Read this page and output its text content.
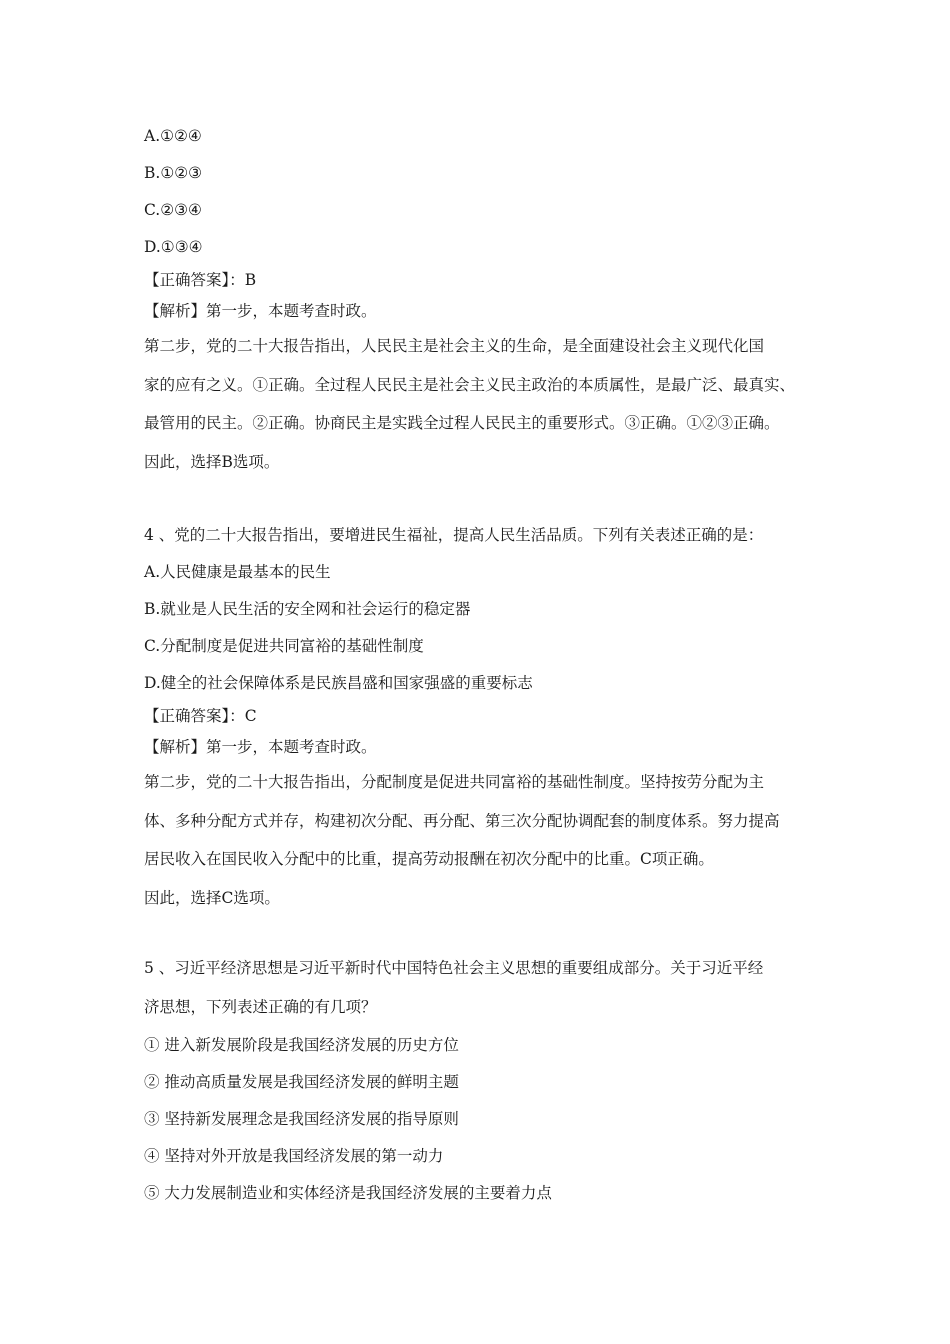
A.①②④
B.①②③
C.②③④
D.①③④
【正确答案】：B
【解析】第一步，本题考查时政。
第二步，党的二十大报告指出，人民民主是社会主义的生命，是全面建设社会主义现代化国
家的应有之义。①正确。全过程人民民主是社会主义民主政治的本质属性，是最广泛、最真实、
最管用的民主。②正确。协商民主是实践全过程人民民主的重要形式。③正确。①②③正确。
因此，选择B选项。
4 、党的二十大报告指出，要增进民生福祉，提高人民生活品质。下列有关表述正确的是：
A.人民健康是最基本的民生
B.就业是人民生活的安全网和社会运行的稳定器
C.分配制度是促进共同富裕的基础性制度
D.健全的社会保障体系是民族昌盛和国家强盛的重要标志
【正确答案】：C
【解析】第一步，本题考查时政。
第二步，党的二十大报告指出，分配制度是促进共同富裕的基础性制度。坚持按劳分配为主
体、多种分配方式并存，构建初次分配、再分配、第三次分配协调配套的制度体系。努力提高
居民收入在国民收入分配中的比重，提高劳动报酬在初次分配中的比重。C项正确。
因此，选择C选项。
5 、习近平经济思想是习近平新时代中国特色社会主义思想的重要组成部分。关于习近平经
济思想，下列表述正确的有几项？
① 进入新发展阶段是我国经济发展的历史方位
② 推动高质量发展是我国经济发展的鲜明主题
③ 坚持新发展理念是我国经济发展的指导原则
④ 坚持对外开放是我国经济发展的第一动力
⑤ 大力发展制造业和实体经济是我国经济发展的主要着力点
